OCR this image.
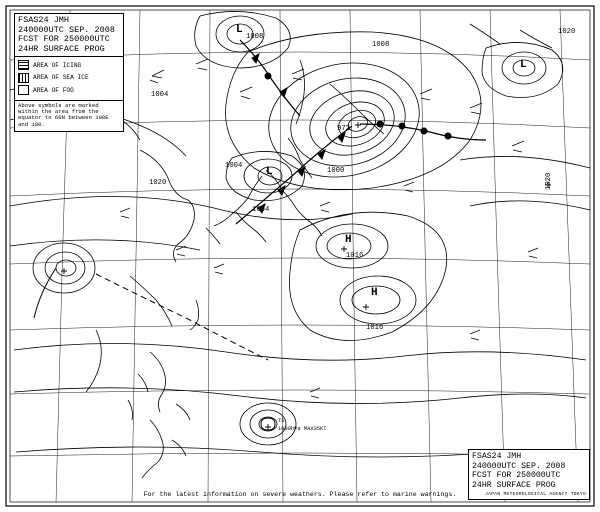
FSAS24 JMH
240000UTC SEP. 2008
FCST FOR 250000UTC
24HR SURFACE PROG
AREA OF ICING
AREA OF SEA ICE
AREA OF FOG
Above symbols are marked within the area from the equator to 60N between 100E and 180.
1008
1020
1004
1008
1004
1020
1004
1000
1020
972
L
L
L
H
H
1016
1016
TS
1000hPa MAX35KT
FSAS24 JMH
240000UTC SEP. 2008
FCST FOR 250000UTC
24HR SURFACE PROG
JAPAN METEOROLOGICAL AGENCY TOKYO
For the latest information on severe weathers. Please refer to marine warnings.
